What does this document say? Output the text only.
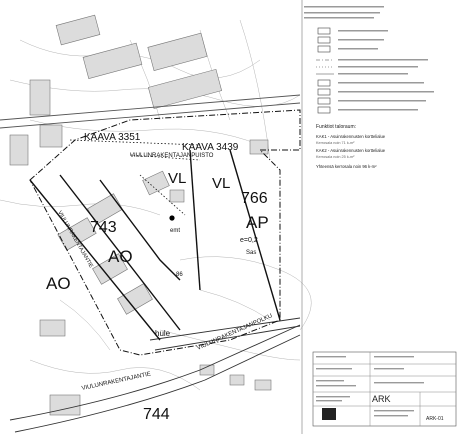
KAAVA 3351
KAAVA 3439
VL VL
766
AP
743
AO
AO
744
VIULUNRAKENTAJANPUISTO
VIULUNRAKENTAJANTIE
VIULUNRAKENTAJANPOLKU
VIULUNRAKENTAJANTIE
hule
emt
e=0,2
Sas
86
Funktiot taloraum:
KAK1 - Asuinrakennusten korttelialue
Kerrosala noin 71 k-m²
KAK2 - Asuinrakennusten korttelialue
Kerrosala noin 25 k-m²
Yhteensä kerrosala noin 96 k-m²
ARK
ARK-01
